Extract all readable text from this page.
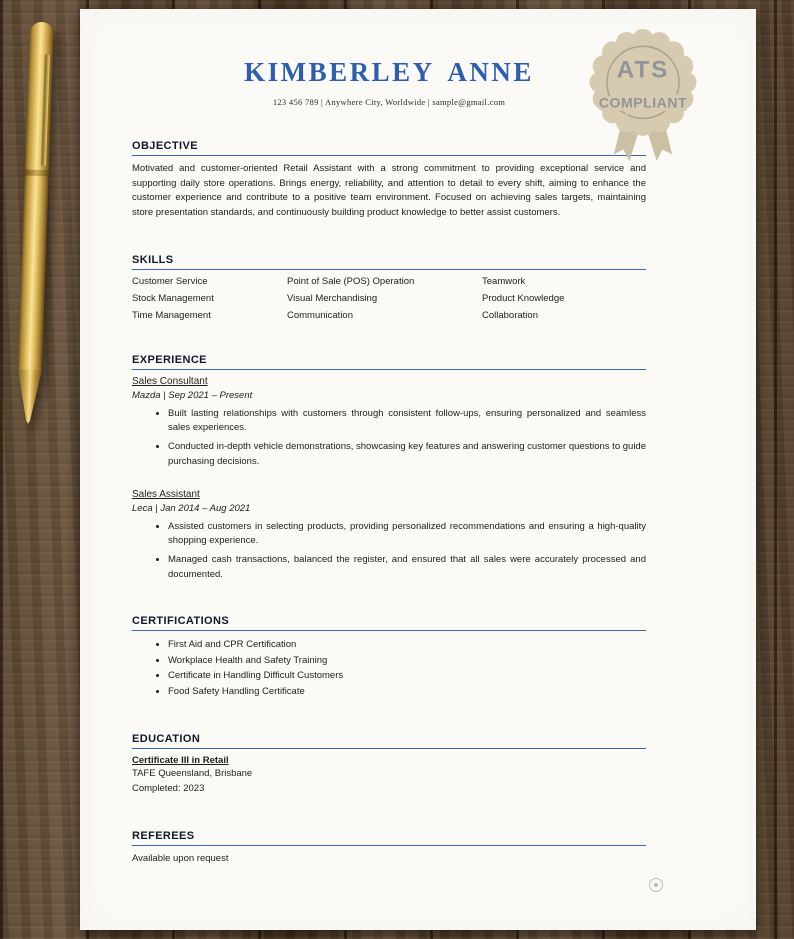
KIMBERLEY ANNE

123 456 789 | Anywhere City, Worldwide | sample@gmail.com

OBJECTIVE

Motivated and customer-oriented Retail Assistant with a strong commitment to providing exceptional service and supporting daily store operations. Brings energy, reliability, and attention to detail to every shift, aiming to enhance the customer experience and contribute to a positive team environment. Focused on achieving sales targets, maintaining store presentation standards, and continuously building product knowledge to better assist customers.

SKILLS
Customer Service	Point of Sale (POS) Operation	Teamwork
Stock Management	Visual Merchandising	Product Knowledge
Time Management	Communication	Collaboration
EXPERIENCE
Sales Consultant
Mazda | Sep 2021 – Present
• Built lasting relationships with customers through consistent follow-ups, ensuring personalized and seamless sales experiences.
• Conducted in-depth vehicle demonstrations, showcasing key features and answering customer questions to guide purchasing decisions.
Sales Assistant
Leca | Jan 2014 – Aug 2021
• Assisted customers in selecting products, providing personalized recommendations and ensuring a high-quality shopping experience.
• Managed cash transactions, balanced the register, and ensured that all sales were accurately processed and documented.
CERTIFICATIONS
• First Aid and CPR Certification
• Workplace Health and Safety Training
• Certificate in Handling Difficult Customers
• Food Safety Handling Certificate
EDUCATION
Certificate III in Retail
TAFE Queensland, Brisbane
Completed: 2023
REFEREES

Available upon request

ATS
COMPLIANT
